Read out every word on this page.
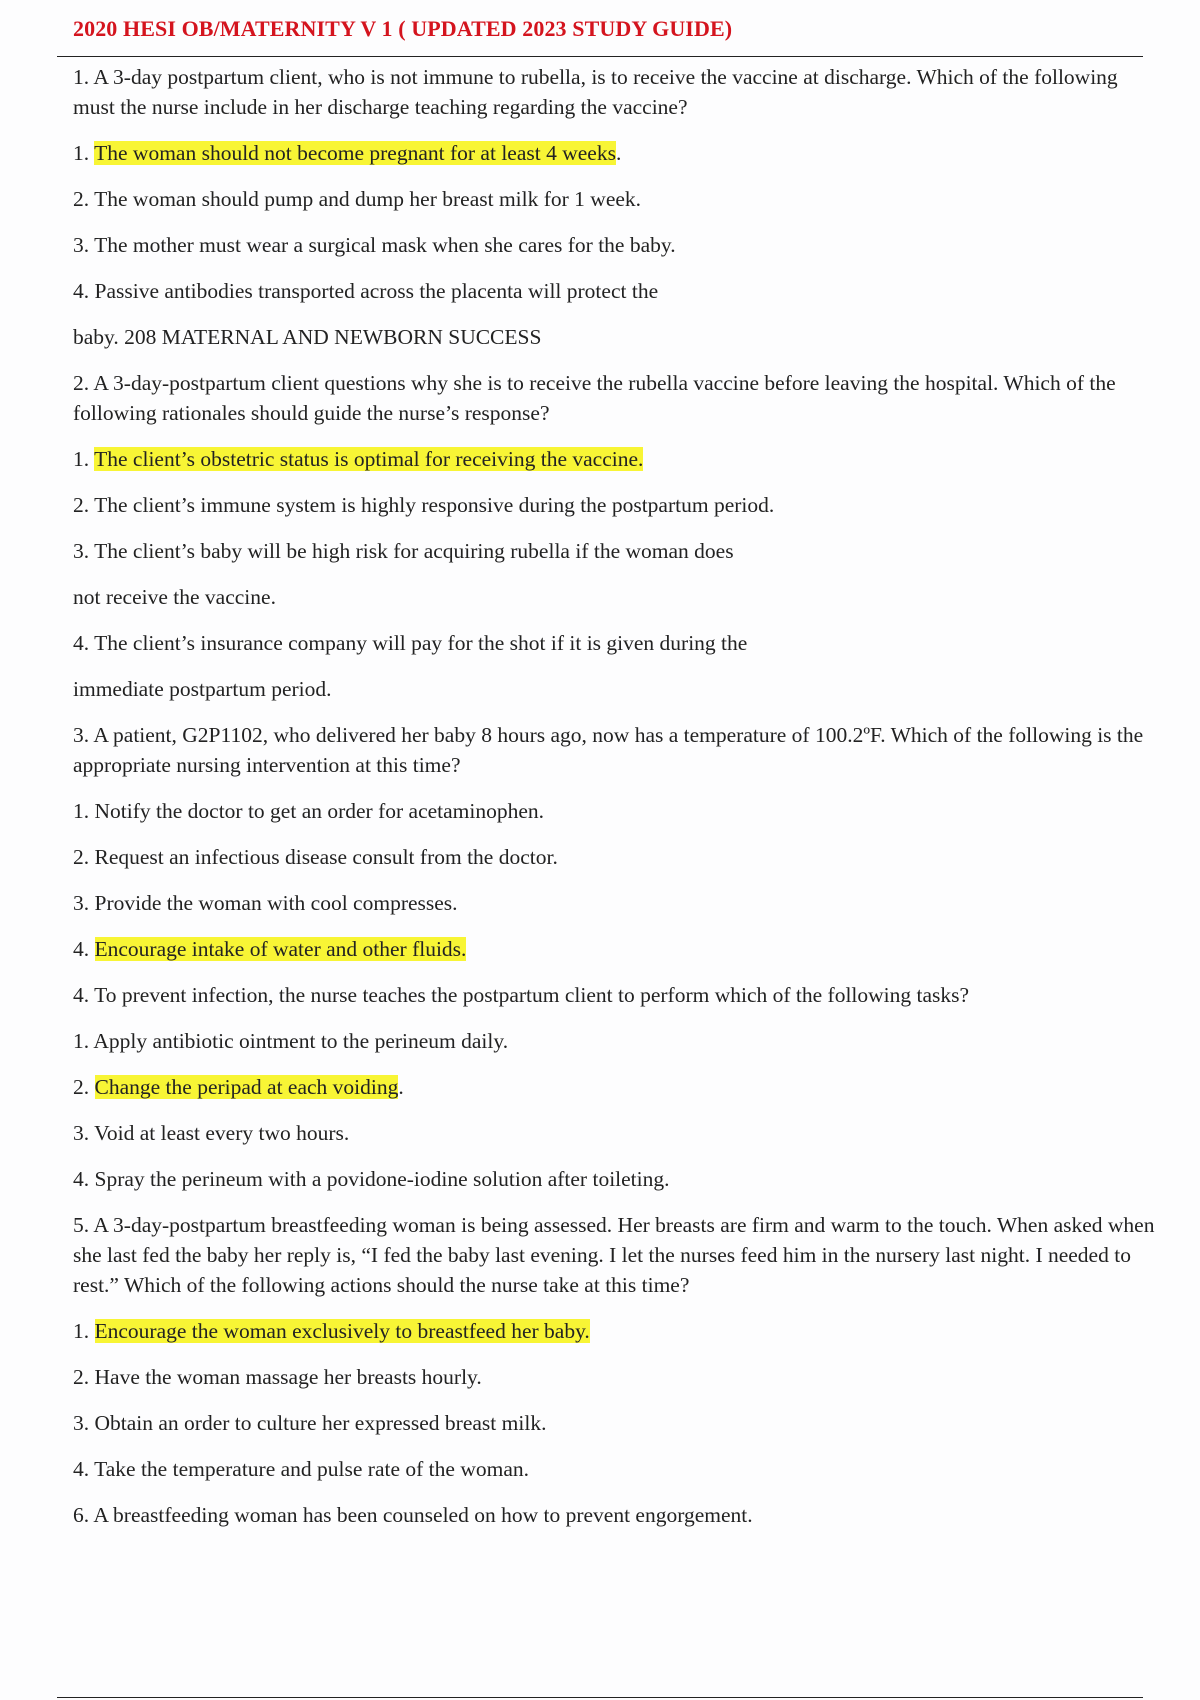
2020 HESI OB/MATERNITY V 1 ( UPDATED 2023 STUDY GUIDE)
1. A 3-day postpartum client, who is not immune to rubella, is to receive the vaccine at discharge. Which of the following must the nurse include in her discharge teaching regarding the vaccine?
1. The woman should not become pregnant for at least 4 weeks.
2. The woman should pump and dump her breast milk for 1 week.
3. The mother must wear a surgical mask when she cares for the baby.
4. Passive antibodies transported across the placenta will protect the
baby. 208 MATERNAL AND NEWBORN SUCCESS
2. A 3-day-postpartum client questions why she is to receive the rubella vaccine before leaving the hospital. Which of the following rationales should guide the nurse’s response?
1. The client’s obstetric status is optimal for receiving the vaccine.
2. The client’s immune system is highly responsive during the postpartum period.
3. The client’s baby will be high risk for acquiring rubella if the woman does
not receive the vaccine.
4. The client’s insurance company will pay for the shot if it is given during the
immediate postpartum period.
3. A patient, G2P1102, who delivered her baby 8 hours ago, now has a temperature of 100.2ºF. Which of the following is the appropriate nursing intervention at this time?
1. Notify the doctor to get an order for acetaminophen.
2. Request an infectious disease consult from the doctor.
3. Provide the woman with cool compresses.
4. Encourage intake of water and other fluids.
4. To prevent infection, the nurse teaches the postpartum client to perform which of the following tasks?
1. Apply antibiotic ointment to the perineum daily.
2. Change the peripad at each voiding.
3. Void at least every two hours.
4. Spray the perineum with a povidone-iodine solution after toileting.
5. A 3-day-postpartum breastfeeding woman is being assessed. Her breasts are firm and warm to the touch. When asked when she last fed the baby her reply is, “I fed the baby last evening. I let the nurses feed him in the nursery last night. I needed to rest.” Which of the following actions should the nurse take at this time?
1. Encourage the woman exclusively to breastfeed her baby.
2. Have the woman massage her breasts hourly.
3. Obtain an order to culture her expressed breast milk.
4. Take the temperature and pulse rate of the woman.
6. A breastfeeding woman has been counseled on how to prevent engorgement.
